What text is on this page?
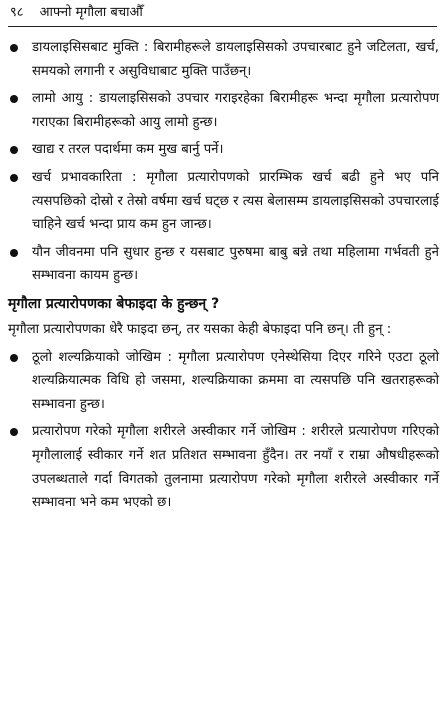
९८ आफ्नो मृगौला बचाऔँ
डायलाइसिसबाट मुक्ति : बिरामीहरूले डायलाइसिसको उपचारबाट हुने जटिलता, खर्च, समयको लगानी र असुविधाबाट मुक्ति पाउँछन्।
लामो आयु : डायलाइसिसको उपचार गराइरहेका बिरामीहरू भन्दा मृगौला प्रत्यारोपण गराएका बिरामीहरूको आयु लामो हुन्छ।
खाद्य र तरल पदार्थमा कम मुख बार्नु पर्ने।
खर्च प्रभावकारिता : मृगौला प्रत्यारोपणको प्रारम्भिक खर्च बढी हुने भए पनि त्यसपछिको दोस्रो र तेस्रो वर्षमा खर्च घट्छ र त्यस बेलासम्म डायलाइसिसको उपचारलाई चाहिने खर्च भन्दा प्राय कम हुन जान्छ।
यौन जीवनमा पनि सुधार हुन्छ र यसबाट पुरुषमा बाबु बन्ने तथा महिलामा गर्भवती हुने सम्भावना कायम हुन्छ।
मृगौला प्रत्यारोपणका बेफाइदा के हुन्छन् ?

मृगौला प्रत्यारोपणका धेरै फाइदा छन्, तर यसका केही बेफाइदा पनि छन्। ती हुन् :

ठूलो शल्यक्रियाको जोखिम : मृगौला प्रत्यारोपण एनेस्थेसिया दिएर गरिने एउटा ठूलो शल्यक्रियात्मक विधि हो जसमा, शल्यक्रियाका क्रममा वा त्यसपछि पनि खतराहरूको सम्भावना हुन्छ।
प्रत्यारोपण गरेको मृगौला शरीरले अस्वीकार गर्ने जोखिम : शरीरले प्रत्यारोपण गरिएको मृगौलालाई स्वीकार गर्ने शत प्रतिशत सम्भावना हुँदैन। तर नयाँ र राम्रा औषधीहरूको उपलब्धताले गर्दा विगतको तुलनामा प्रत्यारोपण गरेको मृगौला शरीरले अस्वीकार गर्ने सम्भावना भने कम भएको छ।
